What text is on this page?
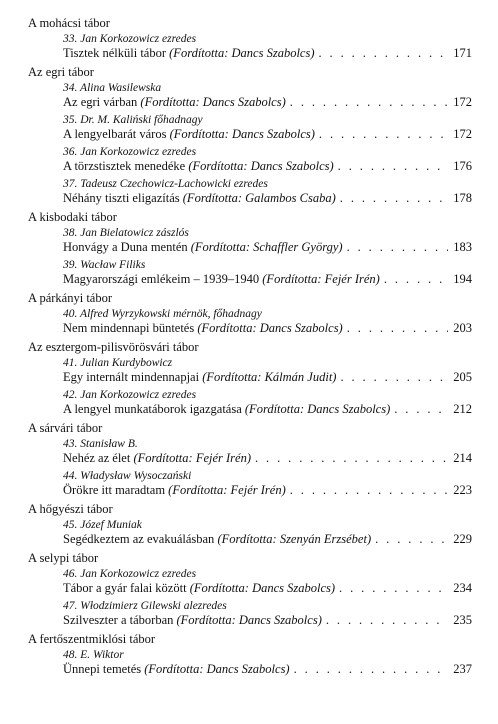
A mohácsi tábor
33. Jan Korkozowicz ezredes
Tisztek nélküli tábor (Fordította: Dancs Szabolcs) . . .	171
Az egri tábor
34. Alina Wasilewska
Az egri várban (Fordította: Dancs Szabolcs) . . .	172
35. Dr. M. Kaliński főhadnagy
A lengyelbarát város (Fordította: Dancs Szabolcs) . . .	172
36. Jan Korkozowicz ezredes
A törzstisztek menedéke (Fordította: Dancs Szabolcs) . . .	176
37. Tadeusz Czechowicz-Lachowicki ezredes
Néhány tiszti eligazítás (Fordította: Galambos Csaba) . . .	178
A kisbodaki tábor
38. Jan Bielatowicz zászlós
Honvágy a Duna mentén (Fordította: Schaffler György) . . .	183
39. Wacław Filiks
Magyarországi emlékeim – 1939–1940 (Fordította: Fejér Irén) . . .	194
A párkányi tábor
40. Alfred Wyrzykowski mérnök, főhadnagy
Nem mindennapi büntetés (Fordította: Dancs Szabolcs) . . .	203
Az esztergom-pilisvörösvári tábor
41. Julian Kurdybowicz
Egy internált mindennapjai (Fordította: Kálmán Judit) . . .	205
42. Jan Korkozowicz ezredes
A lengyel munkatáborok igazgatása (Fordította: Dancs Szabolcs) . . .	212
A sárvári tábor
43. Stanisław B.
Nehéz az élet (Fordította: Fejér Irén) . . .	214
44. Władysław Wysoczański
Örökre itt maradtam (Fordította: Fejér Irén) . . .	223
A hőgyészi tábor
45. Józef Muniak
Segédkeztem az evakuálásban (Fordította: Szenyán Erzsébet) . . .	229
A selypi tábor
46. Jan Korkozowicz ezredes
Tábor a gyár falai között (Fordította: Dancs Szabolcs) . . .	234
47. Włodzimierz Gilewski alezredes
Szilveszter a táborban (Fordította: Dancs Szabolcs) . . .	235
A fertőszentmiklósi tábor
48. E. Wiktor
Ünnepi temetés (Fordította: Dancs Szabolcs) . . .	237
